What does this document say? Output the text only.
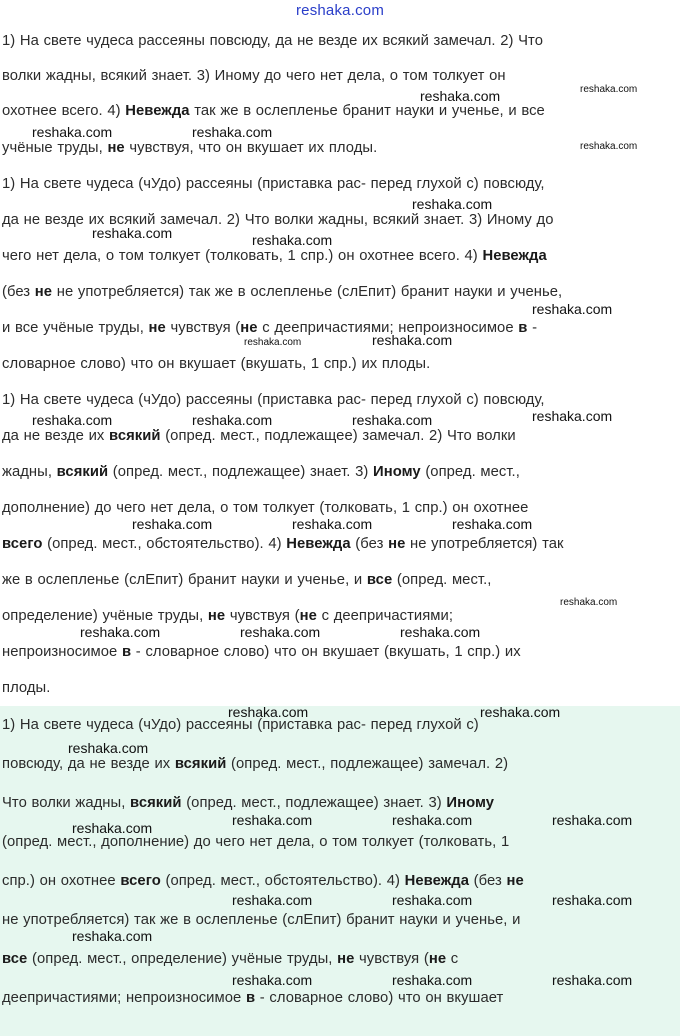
reshaka.com
1) На свете чудеса рассеяны повсюду, да не везде их всякий замечал. 2) Что
волки жадны, всякий знает. 3) Иному до чего нет дела, о том толкует он
охотнее всего. 4) Невежда так же в ослепленье бранит науки и ученье, и все
учёные труды, не чувствуя, что он вкушает их плоды.
1) На свете чудеса (чУдо) рассеяны (приставка рас- перед глухой с) повсюду,
да не везде их всякий замечал. 2) Что волки жадны, всякий знает. 3) Иному до
чего нет дела, о том толкует (толковать, 1 спр.) он охотнее всего. 4) Невежда
(без не не употребляется) так же в ослепленье (слЕпит) бранит науки и ученье,
и все учёные труды, не чувствуя (не с деепричастиями; непроизносимое в -
словарное слово) что он вкушает (вкушать, 1 спр.) их плоды.
1) На свете чудеса (чУдо) рассеяны (приставка рас- перед глухой с) повсюду,
да не везде их всякий (опред. мест., подлежащее) замечал. 2) Что волки
жадны, всякий (опред. мест., подлежащее) знает. 3) Иному (опред. мест.,
дополнение) до чего нет дела, о том толкует (толковать, 1 спр.) он охотнее
всего (опред. мест., обстоятельство). 4) Невежда (без не не употребляется) так
же в ослепленье (слЕпит) бранит науки и ученье, и все (опред. мест.,
определение) учёные труды, не чувствуя (не с деепричастиями;
непроизносимое в - словарное слово) что он вкушает (вкушать, 1 спр.) их
плоды.
1) На свете чудеса (чУдо) рассеяны (приставка рас- перед глухой с)
повсюду, да не везде их всякий (опред. мест., подлежащее) замечал. 2)
Что волки жадны, всякий (опред. мест., подлежащее) знает. 3) Иному
(опред. мест., дополнение) до чего нет дела, о том толкует (толковать, 1
спр.) он охотнее всего (опред. мест., обстоятельство). 4) Невежда (без не
не употребляется) так же в ослепленье (слЕпит) бранит науки и ученье, и
все (опред. мест., определение) учёные труды, не чувствуя (не с
деепричастиями; непроизносимое в - словарное слово) что он вкушает
reshaka.com	reshaka.com
reshaka.com	reshaka.com
reshaka.com
reshaka.com
reshaka.com	reshaka.com
reshaka.com
reshaka.com	reshaka.com
reshaka.com	reshaka.com	reshaka.com	reshaka.com
reshaka.com	reshaka.com	reshaka.com
reshaka.com
reshaka.com	reshaka.com	reshaka.com
reshaka.com	reshaka.com
reshaka.com
reshaka.com	reshaka.com	reshaka.com	reshaka.com
reshaka.com	reshaka.com	reshaka.com
reshaka.com
reshaka.com	reshaka.com	reshaka.com
